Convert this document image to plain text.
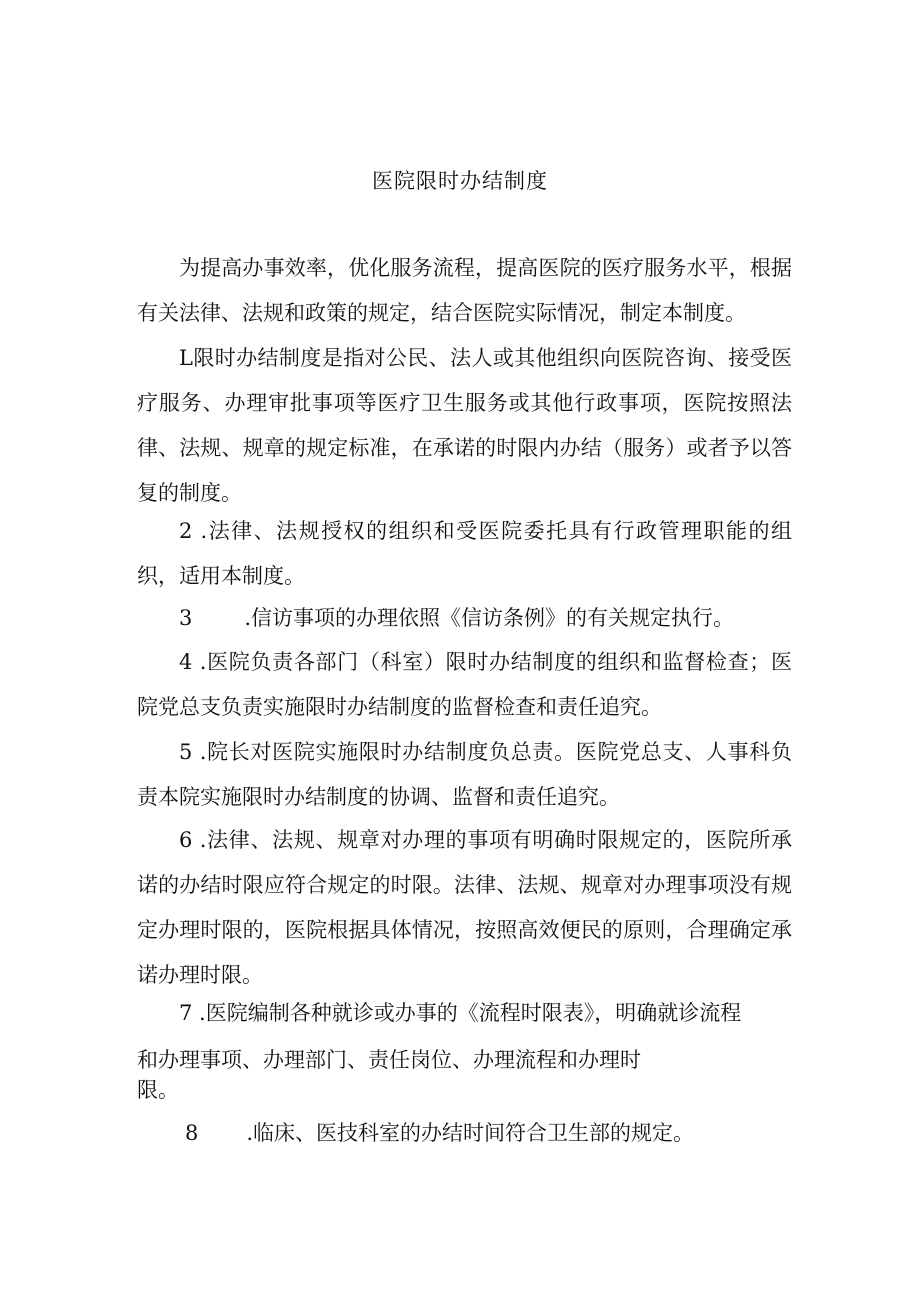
医院限时办结制度

为提高办事效率，优化服务流程，提高医院的医疗服务水平，根据有关法律、法规和政策的规定，结合医院实际情况，制定本制度。

L限时办结制度是指对公民、法人或其他组织向医院咨询、接受医疗服务、办理审批事项等医疗卫生服务或其他行政事项，医院按照法律、法规、规章的规定标准，在承诺的时限内办结（服务）或者予以答复的制度。

2 .法律、法规授权的组织和受医院委托具有行政管理职能的组织，适用本制度。

3 .信访事项的办理依照《信访条例》的有关规定执行。

4 .医院负责各部门（科室）限时办结制度的组织和监督检查；医院党总支负责实施限时办结制度的监督检查和责任追究。

5 .院长对医院实施限时办结制度负总责。医院党总支、人事科负责本院实施限时办结制度的协调、监督和责任追究。

6 .法律、法规、规章对办理的事项有明确时限规定的，医院所承诺的办结时限应符合规定的时限。法律、法规、规章对办理事项没有规定办理时限的，医院根据具体情况，按照高效便民的原则，合理确定承诺办理时限。

7 .医院编制各种就诊或办事的《流程时限表》，明确就诊流程
和办理事项、办理部门、责任岗位、办理流程和办理时
限。
8 .临床、医技科室的办结时间符合卫生部的规定。
